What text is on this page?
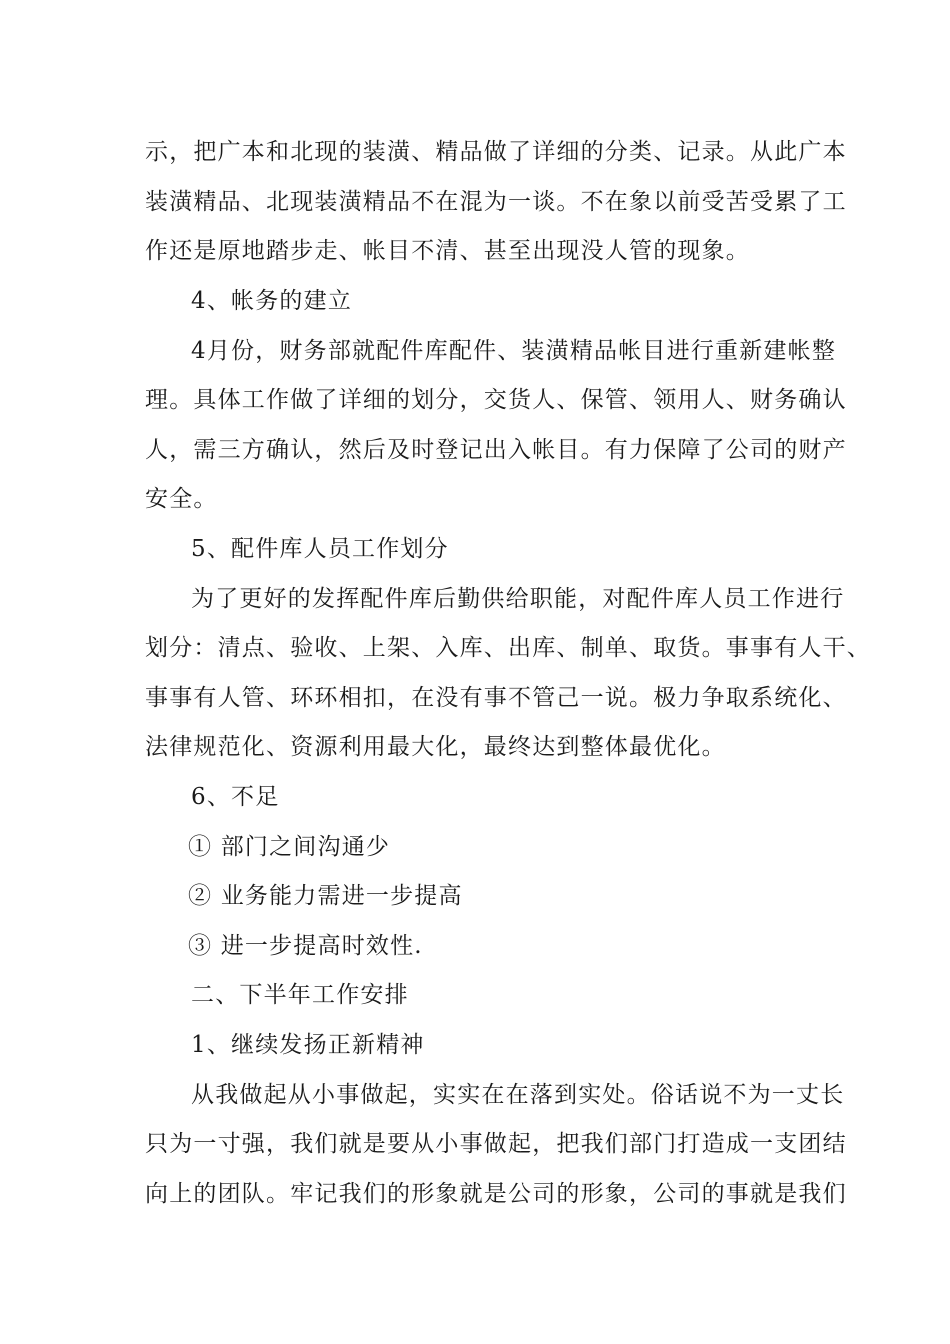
示，把广本和北现的装潢、精品做了详细的分类、记录。从此广本
装潢精品、北现装潢精品不在混为一谈。不在象以前受苦受累了工
作还是原地踏步走、帐目不清、甚至出现没人管的现象。
4、帐务的建立
4月份，财务部就配件库配件、装潢精品帐目进行重新建帐整
理。具体工作做了详细的划分，交货人、保管、领用人、财务确认
人，需三方确认，然后及时登记出入帐目。有力保障了公司的财产
安全。
5、配件库人员工作划分
为了更好的发挥配件库后勤供给职能，对配件库人员工作进行
划分：清点、验收、上架、入库、出库、制单、取货。事事有人干、
事事有人管、环环相扣，在没有事不管己一说。极力争取系统化、
法律规范化、资源利用最大化，最终达到整体最优化。
6、不足
① 部门之间沟通少
② 业务能力需进一步提高
③ 进一步提高时效性.
二、下半年工作安排
1、继续发扬正新精神
从我做起从小事做起，实实在在落到实处。俗话说不为一丈长
只为一寸强，我们就是要从小事做起，把我们部门打造成一支团结
向上的团队。牢记我们的形象就是公司的形象，公司的事就是我们
